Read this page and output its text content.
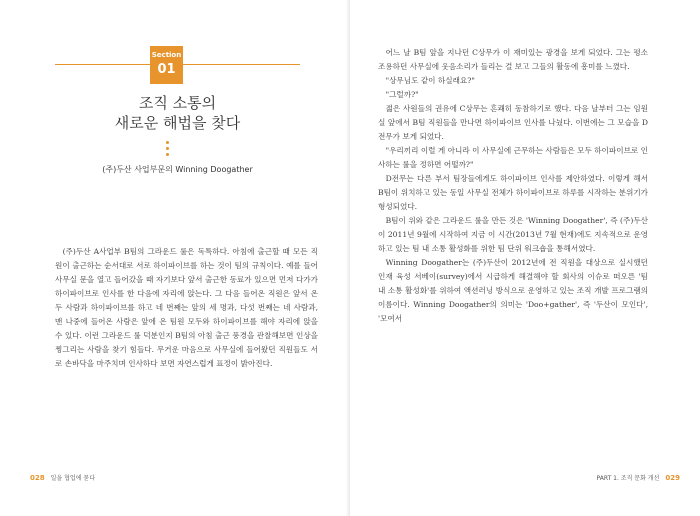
Section
01
조직 소통의
새로운 해법을 찾다
(주)두산 사업부문의 Winning Doogather

(주)두산 A사업부 B팀의 그라운드 룰은 독특하다. 아침에 출근할 때 모든 직원이 출근하는 순서대로 서로 하이파이브를 하는 것이 팀의 규칙이다. 예를 들어 사무실 문을 열고 들어갔을 때 자기보다 앞서 출근한 동료가 있으면 먼저 다가가 하이파이브로 인사를 한 다음에 자리에 앉는다. 그 다음 들어온 직원은 앞서 온 두 사람과 하이파이브를 하고 네 번째는 앞의 세 명과, 다섯 번째는 네 사람과, 맨 나중에 들어온 사람은 앞에 온 팀원 모두와 하이파이브를 해야 자리에 앉을 수 있다. 이런 그라운드 룰 덕분인지 B팀의 아침 출근 풍경을 관찰해보면 인상을 찡그리는 사람을 찾기 힘들다. 무거운 마음으로 사무실에 들어왔던 직원들도 서로 손바닥을 마주치며 인사하다 보면 자연스럽게 표정이 밝아진다.

028 일을 협업에 묻다

어느 날 B팀 앞을 지나던 C상무가 이 재미있는 광경을 보게 되었다. 그는 평소 조용하던 사무실에 웃음소리가 들리는 걸 보고 그들의 활동에 흥미를 느꼈다.

"상무님도 같이 하실래요?"

"그럴까?"

젊은 사원들의 권유에 C상무는 흔쾌히 동참하기로 했다. 다음 날부터 그는 임원실 앞에서 B팀 직원들을 만나면 하이파이브 인사를 나눴다. 이번에는 그 모습을 D전무가 보게 되었다.

"우리끼리 이럴 게 아니라 이 사무실에 근무하는 사람들은 모두 하이파이브로 인사하는 룰을 정하면 어떨까?"

D전무는 다른 부서 팀장들에게도 하이파이브 인사를 제안하였다. 이렇게 해서 B팀이 위치하고 있는 동일 사무실 전체가 하이파이브로 하루를 시작하는 분위기가 형성되었다.

B팀이 위와 같은 그라운드 룰을 만든 것은 'Winning Doogather', 즉 (주)두산이 2011년 9월에 시작하여 지금 이 시간(2013년 7월 현재)에도 지속적으로 운영하고 있는 팀 내 소통 활성화를 위한 팀 단위 워크숍을 통해서였다.

Winning Doogather는 (주)두산이 2012년에 전 직원을 대상으로 실시했던 인재 육성 서베이(survey)에서 시급하게 해결해야 할 회사의 이슈로 떠오른 '팀 내 소통 활성화'를 위하여 액션러닝 방식으로 운영하고 있는 조직 개발 프로그램의 이름이다. Winning Doogather의 의미는 'Doo+gather', 즉 '두산이 모인다', '모여서

PART 1. 조직 문화 개선 029
